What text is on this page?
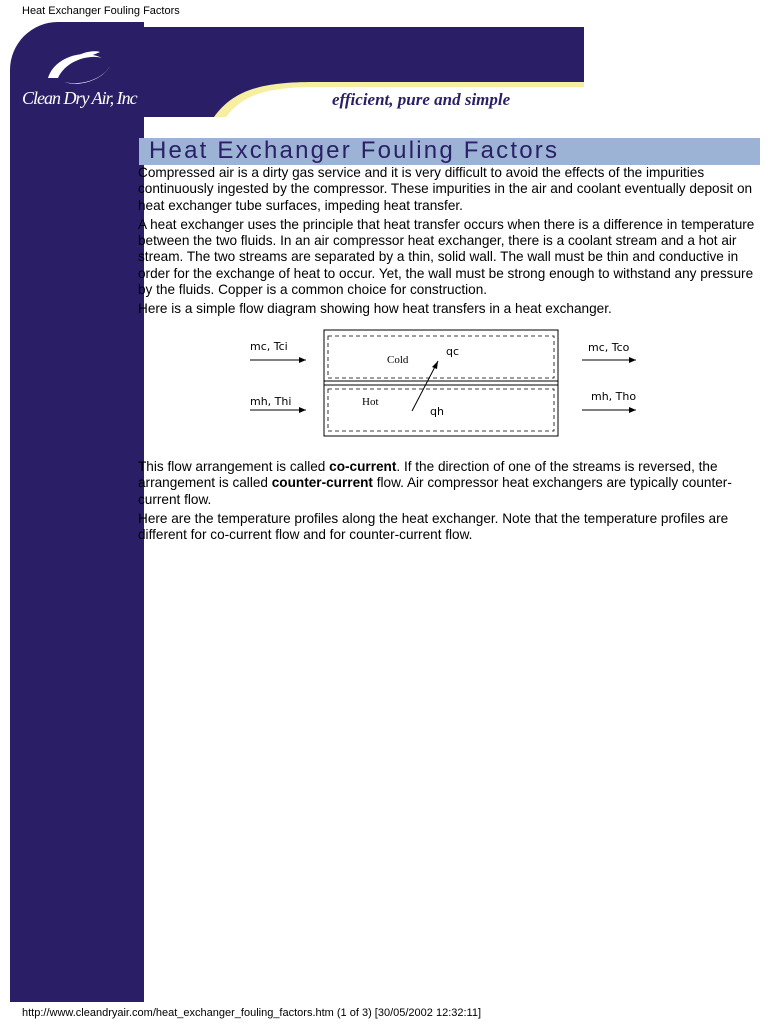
Heat Exchanger Fouling Factors
Clean Dry Air, Inc	efficient, pure and simple
Heat Exchanger Fouling Factors

Compressed air is a dirty gas service and it is very difficult to avoid the effects of the impurities continuously ingested by the compressor. These impurities in the air and coolant eventually deposit on heat exchanger tube surfaces, impeding heat transfer.

A heat exchanger uses the principle that heat transfer occurs when there is a difference in temperature between the two fluids. In an air compressor heat exchanger, there is a coolant stream and a hot air stream. The two streams are separated by a thin, solid wall. The wall must be thin and conductive in order for the exchange of heat to occur. Yet, the wall must be strong enough to withstand any pressure by the fluids. Copper is a common choice for construction.

Here is a simple flow diagram showing how heat transfers in a heat exchanger.

mc, Tci
mh, Thi
mc, Tco
mh, Tho
Cold
Hot
qc
qh

This flow arrangement is called co-current. If the direction of one of the streams is reversed, the arrangement is called counter-current flow. Air compressor heat exchangers are typically counter-current flow.

Here are the temperature profiles along the heat exchanger. Note that the temperature profiles are different for co-current flow and for counter-current flow.

http://www.cleandryair.com/heat_exchanger_fouling_factors.htm (1 of 3) [30/05/2002 12:32:11]
